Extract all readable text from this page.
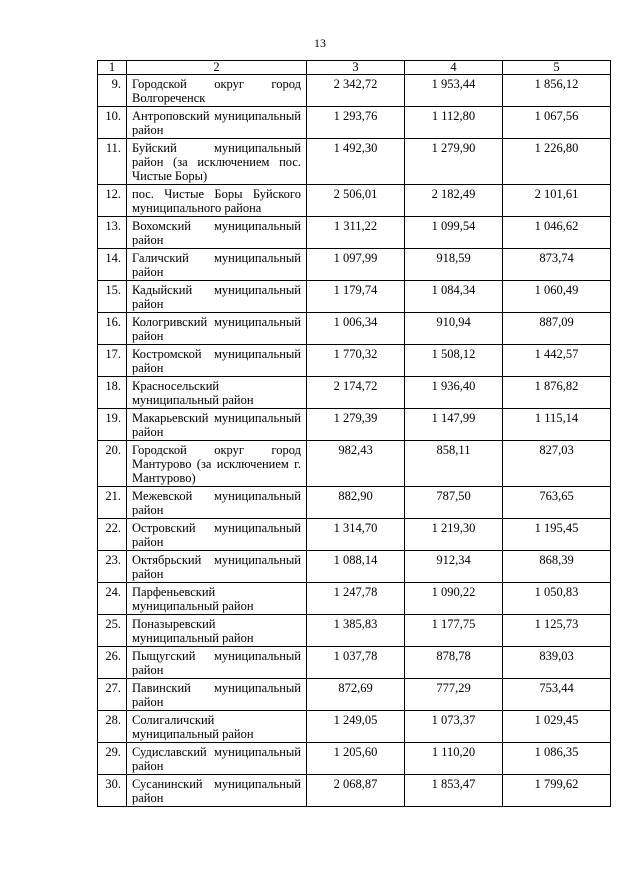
13
1	2	3	4	5
9.	Городской округ город Волгореченск	2 342,72	1 953,44	1 856,12
10.	Антроповский муниципальный район	1 293,76	1 112,80	1 067,56
11.	Буйский муниципальный район (за исключением пос. Чистые Боры)	1 492,30	1 279,90	1 226,80
12.	пос. Чистые Боры Буйского муниципального района	2 506,01	2 182,49	2 101,61
13.	Вохомский муниципальный район	1 311,22	1 099,54	1 046,62
14.	Галичский муниципальный район	1 097,99	918,59	873,74
15.	Кадыйский муниципальный район	1 179,74	1 084,34	1 060,49
16.	Кологривский муниципальный район	1 006,34	910,94	887,09
17.	Костромской муниципальный район	1 770,32	1 508,12	1 442,57
18.	Красносельский муниципальный район	2 174,72	1 936,40	1 876,82
19.	Макарьевский муниципальный район	1 279,39	1 147,99	1 115,14
20.	Городской округ город Мантурово (за исключением г. Мантурово)	982,43	858,11	827,03
21.	Межевской муниципальный район	882,90	787,50	763,65
22.	Островский муниципальный район	1 314,70	1 219,30	1 195,45
23.	Октябрьский муниципальный район	1 088,14	912,34	868,39
24.	Парфеньевский муниципальный район	1 247,78	1 090,22	1 050,83
25.	Поназыревский муниципальный район	1 385,83	1 177,75	1 125,73
26.	Пыщугский муниципальный район	1 037,78	878,78	839,03
27.	Павинский муниципальный район	872,69	777,29	753,44
28.	Солигаличский муниципальный район	1 249,05	1 073,37	1 029,45
29.	Судиславский муниципальный район	1 205,60	1 110,20	1 086,35
30.	Сусанинский муниципальный район	2 068,87	1 853,47	1 799,62
